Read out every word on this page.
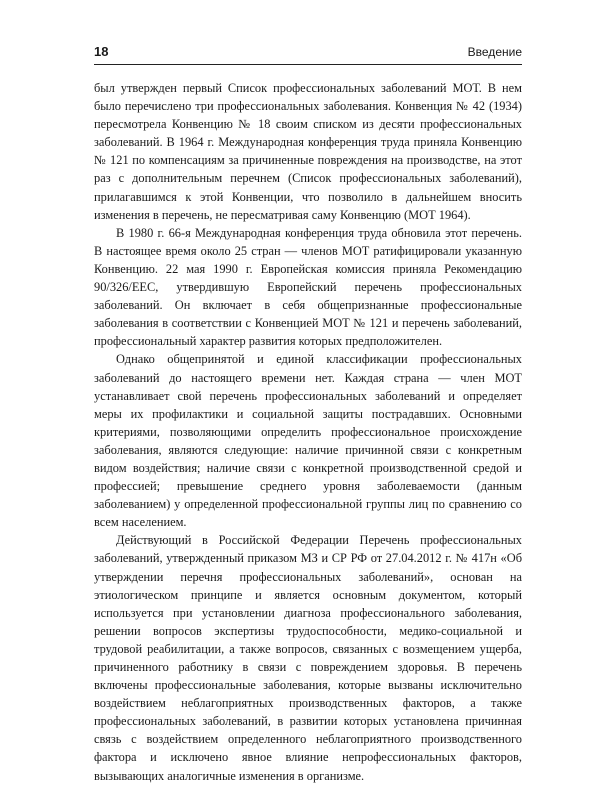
18	Введение

был утвержден первый Список профессиональных заболеваний МОТ. В нем было перечислено три профессиональных заболевания. Конвенция № 42 (1934) пересмотрела Конвенцию № 18 своим списком из десяти профессиональных заболеваний. В 1964 г. Международная конференция труда приняла Конвенцию № 121 по компенсациям за причиненные повреждения на производстве, на этот раз с дополнительным перечнем (Список профессиональных заболеваний), прилагавшимся к этой Конвенции, что позволило в дальнейшем вносить изменения в перечень, не пересматривая саму Конвенцию (МОТ 1964).

В 1980 г. 66-я Международная конференция труда обновила этот перечень. В настоящее время около 25 стран — членов МОТ ратифицировали указанную Конвенцию. 22 мая 1990 г. Европейская комиссия приняла Рекомендацию 90/326/EEC, утвердившую Европейский перечень профессиональных заболеваний. Он включает в себя общепризнанные профессиональные заболевания в соответствии с Конвенцией МОТ № 121 и перечень заболеваний, профессиональный характер развития которых предположителен.

Однако общепринятой и единой классификации профессиональных заболеваний до настоящего времени нет. Каждая страна — член МОТ устанавливает свой перечень профессиональных заболеваний и определяет меры их профилактики и социальной защиты пострадавших. Основными критериями, позволяющими определить профессиональное происхождение заболевания, являются следующие: наличие причинной связи с конкретным видом воздействия; наличие связи с конкретной производственной средой и профессией; превышение среднего уровня заболеваемости (данным заболеванием) у определенной профессиональной группы лиц по сравнению со всем населением.

Действующий в Российской Федерации Перечень профессиональных заболеваний, утвержденный приказом МЗ и СР РФ от 27.04.2012 г. № 417н «Об утверждении перечня профессиональных заболеваний», основан на этиологическом принципе и является основным документом, который используется при установлении диагноза профессионального заболевания, решении вопросов экспертизы трудоспособности, медико-социальной и трудовой реабилитации, а также вопросов, связанных с возмещением ущерба, причиненного работнику в связи с повреждением здоровья. В перечень включены профессиональные заболевания, которые вызваны исключительно воздействием неблагоприятных производственных факторов, а также профессиональных заболеваний, в развитии которых установлена причинная связь с воздействием определенного неблагоприятного производственного фактора и исключено явное влияние непрофессиональных факторов, вызывающих аналогичные изменения в организме.
